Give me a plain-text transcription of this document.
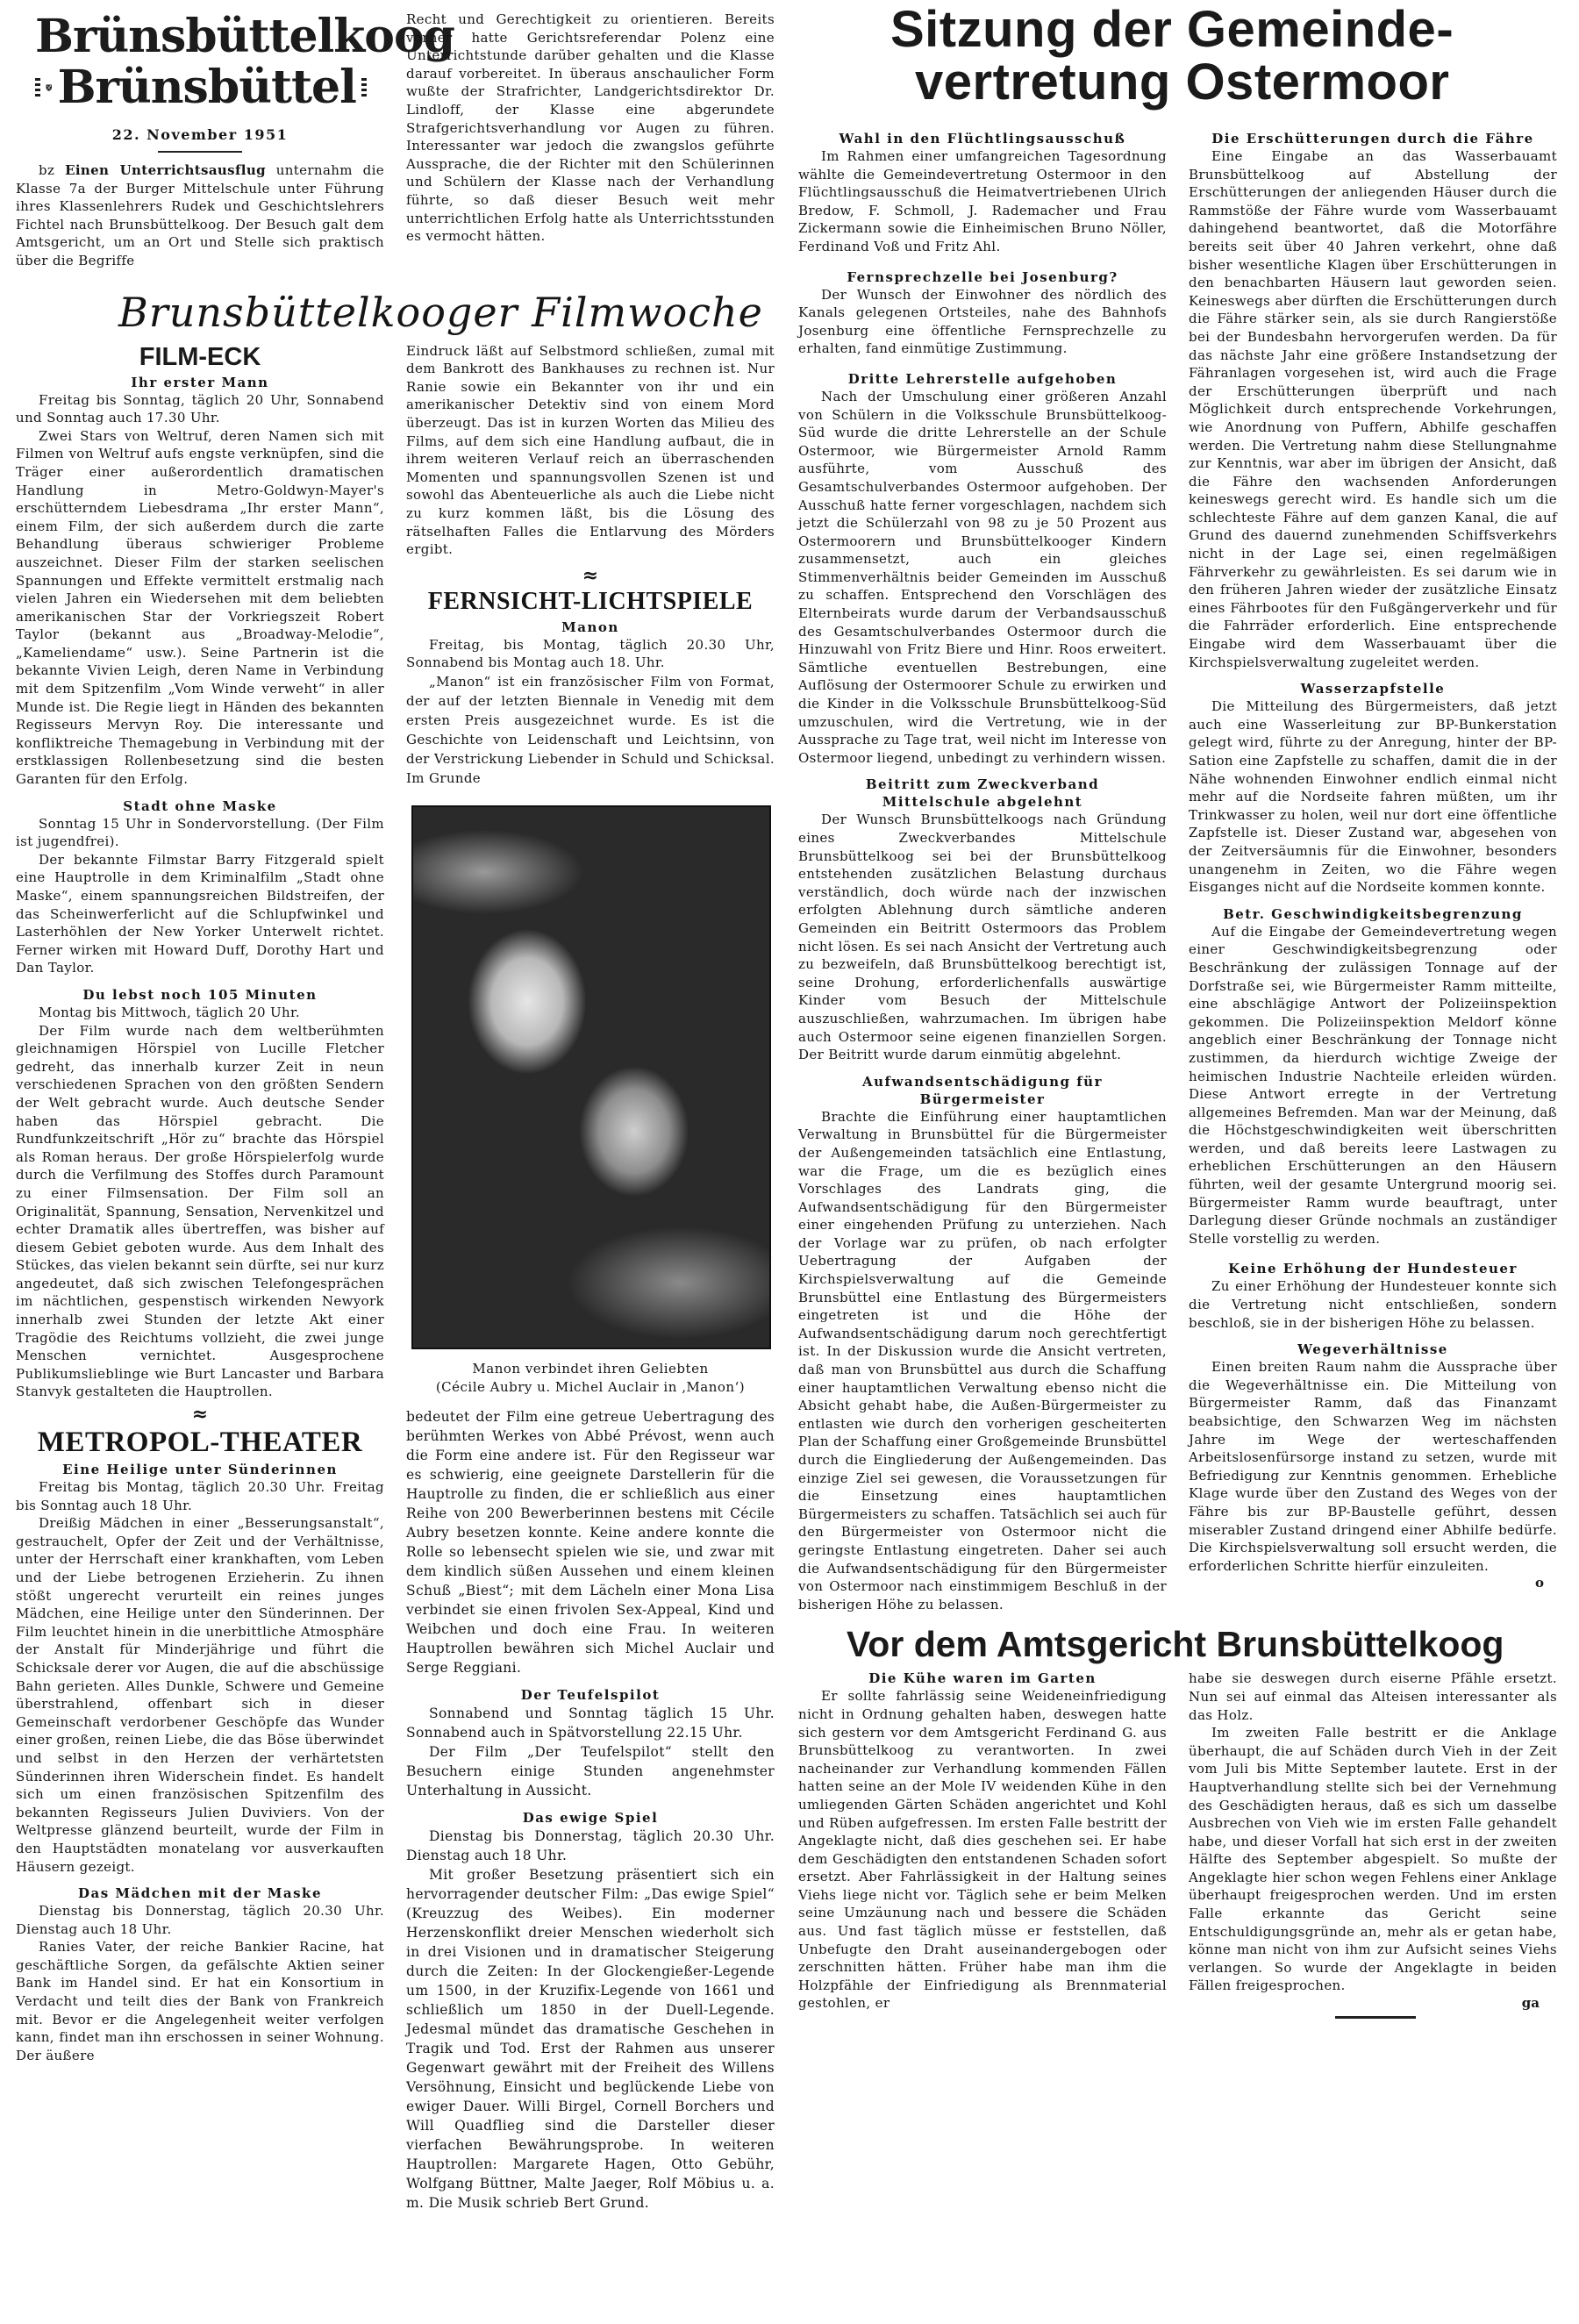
Brünsbüttelkoog
Brünsbüttel
22. November 1951

bz Einen Unterrichtsausflug unternahm die Klasse 7a der Burger Mittelschule unter Führung ihres Klassenlehrers Rudek und Geschichtslehrers Fichtel nach Brunsbüttelkoog. Der Besuch galt dem Amtsgericht, um an Ort und Stelle sich praktisch über die Begriffe

Recht und Gerechtigkeit zu orientieren. Bereits vorher hatte Gerichtsreferendar Polenz eine Unterrichtstunde darüber gehalten und die Klasse darauf vorbereitet. In überaus anschaulicher Form wußte der Strafrichter, Landgerichtsdirektor Dr. Lindloff, der Klasse eine abgerundete Strafgerichtsverhandlung vor Augen zu führen. Interessanter war jedoch die zwangslos geführte Aussprache, die der Richter mit den Schülerinnen und Schülern der Klasse nach der Verhandlung führte, so daß dieser Besuch weit mehr unterrichtlichen Erfolg hatte als Unterrichtsstunden es vermocht hätten.

Brunsbüttelkooger Filmwoche
FILM-ECK
Ihr erster Mann

Freitag bis Sonntag, täglich 20 Uhr, Sonnabend und Sonntag auch 17.30 Uhr.

Zwei Stars von Weltruf, deren Namen sich mit Filmen von Weltruf aufs engste verknüpfen, sind die Träger einer außerordentlich dramatischen Handlung in Metro-Goldwyn-Mayer's erschütterndem Liebesdrama „Ihr erster Mann“, einem Film, der sich außerdem durch die zarte Behandlung überaus schwieriger Probleme auszeichnet. Dieser Film der starken seelischen Spannungen und Effekte vermittelt erstmalig nach vielen Jahren ein Wiedersehen mit dem beliebten amerikanischen Star der Vorkriegszeit Robert Taylor (bekannt aus „Broadway-Melodie“, „Kameliendame“ usw.). Seine Partnerin ist die bekannte Vivien Leigh, deren Name in Verbindung mit dem Spitzenfilm „Vom Winde verweht“ in aller Munde ist. Die Regie liegt in Händen des bekannten Regisseurs Mervyn Roy. Die interessante und konfliktreiche Themagebung in Verbindung mit der erstklassigen Rollenbesetzung sind die besten Garanten für den Erfolg.

Stadt ohne Maske

Sonntag 15 Uhr in Sondervorstellung. (Der Film ist jugendfrei).

Der bekannte Filmstar Barry Fitzgerald spielt eine Hauptrolle in dem Kriminalfilm „Stadt ohne Maske“, einem spannungsreichen Bildstreifen, der das Scheinwerferlicht auf die Schlupfwinkel und Lasterhöhlen der New Yorker Unterwelt richtet. Ferner wirken mit Howard Duff, Dorothy Hart und Dan Taylor.

Du lebst noch 105 Minuten

Montag bis Mittwoch, täglich 20 Uhr.

Der Film wurde nach dem weltberühmten gleichnamigen Hörspiel von Lucille Fletcher gedreht, das innerhalb kurzer Zeit in neun verschiedenen Sprachen von den größten Sendern der Welt gebracht wurde. Auch deutsche Sender haben das Hörspiel gebracht. Die Rundfunkzeitschrift „Hör zu“ brachte das Hörspiel als Roman heraus. Der große Hörspielerfolg wurde durch die Verfilmung des Stoffes durch Paramount zu einer Filmsensation. Der Film soll an Originalität, Spannung, Sensation, Nervenkitzel und echter Dramatik alles übertreffen, was bisher auf diesem Gebiet geboten wurde. Aus dem Inhalt des Stückes, das vielen bekannt sein dürfte, sei nur kurz angedeutet, daß sich zwischen Telefongesprächen im nächtlichen, gespenstisch wirkenden Newyork innerhalb zwei Stunden der letzte Akt einer Tragödie des Reichtums vollzieht, die zwei junge Menschen vernichtet. Ausgesprochene Publikumslieblinge wie Burt Lancaster und Barbara Stanvyk gestalteten die Hauptrollen.

≈
METROPOL-THEATER
Eine Heilige unter Sünderinnen

Freitag bis Montag, täglich 20.30 Uhr. Freitag bis Sonntag auch 18 Uhr.

Dreißig Mädchen in einer „Besserungsanstalt“, gestrauchelt, Opfer der Zeit und der Verhältnisse, unter der Herrschaft einer krankhaften, vom Leben und der Liebe betrogenen Erzieherin. Zu ihnen stößt ungerecht verurteilt ein reines junges Mädchen, eine Heilige unter den Sünderinnen. Der Film leuchtet hinein in die unerbittliche Atmosphäre der Anstalt für Minderjährige und führt die Schicksale derer vor Augen, die auf die abschüssige Bahn gerieten. Alles Dunkle, Schwere und Gemeine überstrahlend, offenbart sich in dieser Gemeinschaft verdorbener Geschöpfe das Wunder einer großen, reinen Liebe, die das Böse überwindet und selbst in den Herzen der verhärtetsten Sünderinnen ihren Widerschein findet. Es handelt sich um einen französischen Spitzenfilm des bekannten Regisseurs Julien Duviviers. Von der Weltpresse glänzend beurteilt, wurde der Film in den Hauptstädten monatelang vor ausverkauften Häusern gezeigt.

Das Mädchen mit der Maske

Dienstag bis Donnerstag, täglich 20.30 Uhr. Dienstag auch 18 Uhr.

Ranies Vater, der reiche Bankier Racine, hat geschäftliche Sorgen, da gefälschte Aktien seiner Bank im Handel sind. Er hat ein Konsortium in Verdacht und teilt dies der Bank von Frankreich mit. Bevor er die Angelegenheit weiter verfolgen kann, findet man ihn erschossen in seiner Wohnung. Der äußere

Eindruck läßt auf Selbstmord schließen, zumal mit dem Bankrott des Bankhauses zu rechnen ist. Nur Ranie sowie ein Bekannter von ihr und ein amerikanischer Detektiv sind von einem Mord überzeugt. Das ist in kurzen Worten das Milieu des Films, auf dem sich eine Handlung aufbaut, die in ihrem weiteren Verlauf reich an überraschenden Momenten und spannungsvollen Szenen ist und sowohl das Abenteuerliche als auch die Liebe nicht zu kurz kommen läßt, bis die Lösung des rätselhaften Falles die Entlarvung des Mörders ergibt.

≈
FERNSICHT-LICHTSPIELE
Manon

Freitag, bis Montag, täglich 20.30 Uhr, Sonnabend bis Montag auch 18. Uhr.

„Manon“ ist ein französischer Film von Format, der auf der letzten Biennale in Venedig mit dem ersten Preis ausgezeichnet wurde. Es ist die Geschichte von Leidenschaft und Leichtsinn, von der Verstrickung Liebender in Schuld und Schicksal. Im Grunde

Manon verbindet ihren Geliebten
(Cécile Aubry u. Michel Auclair in ‚Manon‘)

bedeutet der Film eine getreue Uebertragung des berühmten Werkes von Abbé Prévost, wenn auch die Form eine andere ist. Für den Regisseur war es schwierig, eine geeignete Darstellerin für die Hauptrolle zu finden, die er schließlich aus einer Reihe von 200 Bewerberinnen bestens mit Cécile Aubry besetzen konnte. Keine andere konnte die Rolle so lebensecht spielen wie sie, und zwar mit dem kindlich süßen Aussehen und einem kleinen Schuß „Biest“; mit dem Lächeln einer Mona Lisa verbindet sie einen frivolen Sex-Appeal, Kind und Weibchen und doch eine Frau. In weiteren Hauptrollen bewähren sich Michel Auclair und Serge Reggiani.

Der Teufelspilot

Sonnabend und Sonntag täglich 15 Uhr. Sonnabend auch in Spätvorstellung 22.15 Uhr.

Der Film „Der Teufelspilot“ stellt den Besuchern einige Stunden angenehmster Unterhaltung in Aussicht.

Das ewige Spiel

Dienstag bis Donnerstag, täglich 20.30 Uhr. Dienstag auch 18 Uhr.

Mit großer Besetzung präsentiert sich ein hervorragender deutscher Film: „Das ewige Spiel“ (Kreuzzug des Weibes). Ein moderner Herzenskonflikt dreier Menschen wiederholt sich in drei Visionen und in dramatischer Steigerung durch die Zeiten: In der Glockengießer-Legende um 1500, in der Kruzifix-Legende von 1661 und schließlich um 1850 in der Duell-Legende. Jedesmal mündet das dramatische Geschehen in Tragik und Tod. Erst der Rahmen aus unserer Gegenwart gewährt mit der Freiheit des Willens Versöhnung, Einsicht und beglückende Liebe von ewiger Dauer. Willi Birgel, Cornell Borchers und Will Quadflieg sind die Darsteller dieser vierfachen Bewährungsprobe. In weiteren Hauptrollen: Margarete Hagen, Otto Gebühr, Wolfgang Büttner, Malte Jaeger, Rolf Möbius u. a. m. Die Musik schrieb Bert Grund.

Sitzung der Gemeinde-
vertretung Ostermoor
Wahl in den Flüchtlingsausschuß

Im Rahmen einer umfangreichen Tagesordnung wählte die Gemeindevertretung Ostermoor in den Flüchtlingsausschuß die Heimatvertriebenen Ulrich Bredow, F. Schmoll, J. Rademacher und Frau Zickermann sowie die Einheimischen Bruno Nöller, Ferdinand Voß und Fritz Ahl.

Fernsprechzelle bei Josenburg?

Der Wunsch der Einwohner des nördlich des Kanals gelegenen Ortsteiles, nahe des Bahnhofs Josenburg eine öffentliche Fernsprechzelle zu erhalten, fand einmütige Zustimmung.

Dritte Lehrerstelle aufgehoben

Nach der Umschulung einer größeren Anzahl von Schülern in die Volksschule Brunsbüttelkoog-Süd wurde die dritte Lehrerstelle an der Schule Ostermoor, wie Bürgermeister Arnold Ramm ausführte, vom Ausschuß des Gesamtschulverbandes Ostermoor aufgehoben. Der Ausschuß hatte ferner vorgeschlagen, nachdem sich jetzt die Schülerzahl von 98 zu je 50 Prozent aus Ostermoorern und Brunsbüttelkooger Kindern zusammensetzt, auch ein gleiches Stimmenverhältnis beider Gemeinden im Ausschuß zu schaffen. Entsprechend den Vorschlägen des Elternbeirats wurde darum der Verbandsausschuß des Gesamtschulverbandes Ostermoor durch die Hinzuwahl von Fritz Biere und Hinr. Roos erweitert. Sämtliche eventuellen Bestrebungen, eine Auflösung der Ostermoorer Schule zu erwirken und die Kinder in die Volksschule Brunsbüttelkoog-Süd umzuschulen, wird die Vertretung, wie in der Aussprache zu Tage trat, weil nicht im Interesse von Ostermoor liegend, unbedingt zu verhindern wissen.

Beitritt zum Zweckverband Mittelschule abgelehnt

Der Wunsch Brunsbüttelkoogs nach Gründung eines Zweckverbandes Mittelschule Brunsbüttelkoog sei bei der Brunsbüttelkoog entstehenden zusätzlichen Belastung durchaus verständlich, doch würde nach der inzwischen erfolgten Ablehnung durch sämtliche anderen Gemeinden ein Beitritt Ostermoors das Problem nicht lösen. Es sei nach Ansicht der Vertretung auch zu bezweifeln, daß Brunsbüttelkoog berechtigt ist, seine Drohung, erforderlichenfalls auswärtige Kinder vom Besuch der Mittelschule auszuschließen, wahrzumachen. Im übrigen habe auch Ostermoor seine eigenen finanziellen Sorgen. Der Beitritt wurde darum einmütig abgelehnt.

Aufwandsentschädigung für Bürgermeister

Brachte die Einführung einer hauptamtlichen Verwaltung in Brunsbüttel für die Bürgermeister der Außengemeinden tatsächlich eine Entlastung, war die Frage, um die es bezüglich eines Vorschlages des Landrats ging, die Aufwandsentschädigung für den Bürgermeister einer eingehenden Prüfung zu unterziehen. Nach der Vorlage war zu prüfen, ob nach erfolgter Uebertragung der Aufgaben der Kirchspielsverwaltung auf die Gemeinde Brunsbüttel eine Entlastung des Bürgermeisters eingetreten ist und die Höhe der Aufwandsentschädigung darum noch gerechtfertigt ist. In der Diskussion wurde die Ansicht vertreten, daß man von Brunsbüttel aus durch die Schaffung einer hauptamtlichen Verwaltung ebenso nicht die Absicht gehabt habe, die Außen-Bürgermeister zu entlasten wie durch den vorherigen gescheiterten Plan der Schaffung einer Großgemeinde Brunsbüttel durch die Eingliederung der Außengemeinden. Das einzige Ziel sei gewesen, die Voraussetzungen für die Einsetzung eines hauptamtlichen Bürgermeisters zu schaffen. Tatsächlich sei auch für den Bürgermeister von Ostermoor nicht die geringste Entlastung eingetreten. Daher sei auch die Aufwandsentschädigung für den Bürgermeister von Ostermoor nach einstimmigem Beschluß in der bisherigen Höhe zu belassen.

Die Erschütterungen durch die Fähre

Eine Eingabe an das Wasserbauamt Brunsbüttelkoog auf Abstellung der Erschütterungen der anliegenden Häuser durch die Rammstöße der Fähre wurde vom Wasserbauamt dahingehend beantwortet, daß die Motorfähre bereits seit über 40 Jahren verkehrt, ohne daß bisher wesentliche Klagen über Erschütterungen in den benachbarten Häusern laut geworden seien. Keineswegs aber dürften die Erschütterungen durch die Fähre stärker sein, als sie durch Rangierstöße bei der Bundesbahn hervorgerufen werden. Da für das nächste Jahr eine größere Instandsetzung der Fähranlagen vorgesehen ist, wird auch die Frage der Erschütterungen überprüft und nach Möglichkeit durch entsprechende Vorkehrungen, wie Anordnung von Puffern, Abhilfe geschaffen werden. Die Vertretung nahm diese Stellungnahme zur Kenntnis, war aber im übrigen der Ansicht, daß die Fähre den wachsenden Anforderungen keineswegs gerecht wird. Es handle sich um die schlechteste Fähre auf dem ganzen Kanal, die auf Grund des dauernd zunehmenden Schiffsverkehrs nicht in der Lage sei, einen regelmäßigen Fährverkehr zu gewährleisten. Es sei darum wie in den früheren Jahren wieder der zusätzliche Einsatz eines Fährbootes für den Fußgängerverkehr und für die Fahrräder erforderlich. Eine entsprechende Eingabe wird dem Wasserbauamt über die Kirchspielsverwaltung zugeleitet werden.

Wasserzapfstelle

Die Mitteilung des Bürgermeisters, daß jetzt auch eine Wasserleitung zur BP-Bunkerstation gelegt wird, führte zu der Anregung, hinter der BP-Sation eine Zapfstelle zu schaffen, damit die in der Nähe wohnenden Einwohner endlich einmal nicht mehr auf die Nordseite fahren müßten, um ihr Trinkwasser zu holen, weil nur dort eine öffentliche Zapfstelle ist. Dieser Zustand war, abgesehen von der Zeitversäumnis für die Einwohner, besonders unangenehm in Zeiten, wo die Fähre wegen Eisganges nicht auf die Nordseite kommen konnte.

Betr. Geschwindigkeitsbegrenzung

Auf die Eingabe der Gemeindevertretung wegen einer Geschwindigkeitsbegrenzung oder Beschränkung der zulässigen Tonnage auf der Dorfstraße sei, wie Bürgermeister Ramm mitteilte, eine abschlägige Antwort der Polizeiinspektion gekommen. Die Polizeiinspektion Meldorf könne angeblich einer Beschränkung der Tonnage nicht zustimmen, da hierdurch wichtige Zweige der heimischen Industrie Nachteile erleiden würden. Diese Antwort erregte in der Vertretung allgemeines Befremden. Man war der Meinung, daß die Höchstgeschwindigkeiten weit überschritten werden, und daß bereits leere Lastwagen zu erheblichen Erschütterungen an den Häusern führten, weil der gesamte Untergrund moorig sei. Bürgermeister Ramm wurde beauftragt, unter Darlegung dieser Gründe nochmals an zuständiger Stelle vorstellig zu werden.

Keine Erhöhung der Hundesteuer

Zu einer Erhöhung der Hundesteuer konnte sich die Vertretung nicht entschließen, sondern beschloß, sie in der bisherigen Höhe zu belassen.

Wegeverhältnisse

Einen breiten Raum nahm die Aussprache über die Wegeverhältnisse ein. Die Mitteilung von Bürgermeister Ramm, daß das Finanzamt beabsichtige, den Schwarzen Weg im nächsten Jahre im Wege der werteschaffenden Arbeitslosenfürsorge instand zu setzen, wurde mit Befriedigung zur Kenntnis genommen. Erhebliche Klage wurde über den Zustand des Weges von der Fähre bis zur BP-Baustelle geführt, dessen miserabler Zustand dringend einer Abhilfe bedürfe. Die Kirchspielsverwaltung soll ersucht werden, die erforderlichen Schritte hierfür einzuleiten.

o
Vor dem Amtsgericht Brunsbüttelkoog
Die Kühe waren im Garten

Er sollte fahrlässig seine Weideneinfriedigung nicht in Ordnung gehalten haben, deswegen hatte sich gestern vor dem Amtsgericht Ferdinand G. aus Brunsbüttelkoog zu verantworten. In zwei nacheinander zur Verhandlung kommenden Fällen hatten seine an der Mole IV weidenden Kühe in den umliegenden Gärten Schäden angerichtet und Kohl und Rüben aufgefressen. Im ersten Falle bestritt der Angeklagte nicht, daß dies geschehen sei. Er habe dem Geschädigten den entstandenen Schaden sofort ersetzt. Aber Fahrlässigkeit in der Haltung seines Viehs liege nicht vor. Täglich sehe er beim Melken seine Umzäunung nach und bessere die Schäden aus. Und fast täglich müsse er feststellen, daß Unbefugte den Draht auseinandergebogen oder zerschnitten hätten. Früher habe man ihm die Holzpfähle der Einfriedigung als Brennmaterial gestohlen, er

habe sie deswegen durch eiserne Pfähle ersetzt. Nun sei auf einmal das Alteisen interessanter als das Holz.

Im zweiten Falle bestritt er die Anklage überhaupt, die auf Schäden durch Vieh in der Zeit vom Juli bis Mitte September lautete. Erst in der Hauptverhandlung stellte sich bei der Vernehmung des Geschädigten heraus, daß es sich um dasselbe Ausbrechen von Vieh wie im ersten Falle gehandelt habe, und dieser Vorfall hat sich erst in der zweiten Hälfte des September abgespielt. So mußte der Angeklagte hier schon wegen Fehlens einer Anklage überhaupt freigesprochen werden. Und im ersten Falle erkannte das Gericht seine Entschuldigungsgründe an, mehr als er getan habe, könne man nicht von ihm zur Aufsicht seines Viehs verlangen. So wurde der Angeklagte in beiden Fällen freigesprochen.

ga
